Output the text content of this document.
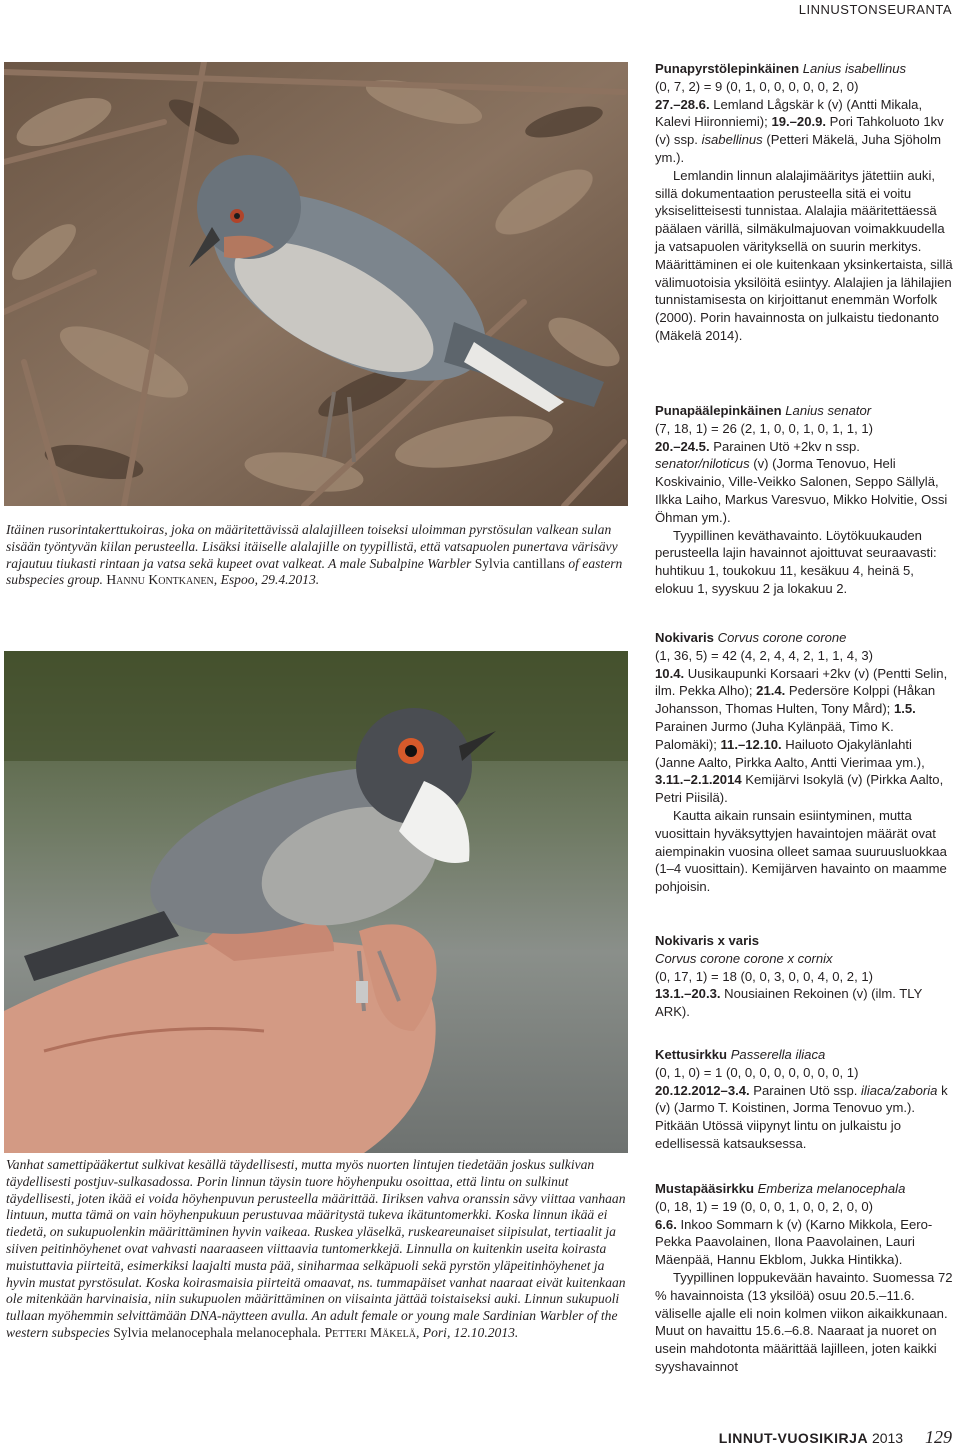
LINNUSTONSEURANTA
Itäinen rusorintakerttukoiras, joka on määritettävissä alalajilleen toiseksi uloimman pyrstösulan valkean sulan sisään työntyvän kiilan perusteella. Lisäksi itäiselle alalajille on tyypillistä, että vatsapuolen punertava värisävy rajautuu tiukasti rintaan ja vatsa sekä kupeet ovat valkeat. A male Subalpine Warbler Sylvia cantillans of eastern subspecies group. Hannu Kontkanen, Espoo, 29.4.2013.
Vanhat samettipääkertut sulkivat kesällä täydellisesti, mutta myös nuorten lintujen tiedetään joskus sulkivan täydellisesti postjuv-sulkasadossa. Porin linnun täysin tuore höyhenpuku osoittaa, että lintu on sulkinut täydellisesti, joten ikää ei voida höyhenpuvun perusteella määrittää. Iiriksen vahva oranssin sävy viittaa vanhaan lintuun, mutta tämä on vain höyhenpukuun perustuvaa määritystä tukeva ikätuntomerkki. Koska linnun ikää ei tiedetä, on sukupuolenkin määrittäminen hyvin vaikeaa. Ruskea yläselkä, ruskeareunaiset siipisulat, tertiaalit ja siiven peitinhöyhenet ovat vahvasti naaraaseen viittaavia tuntomerkkejä. Linnulla on kuitenkin useita koirasta muistuttavia piirteitä, esimerkiksi laajalti musta pää, siniharmaa selkäpuoli sekä pyrstön yläpeitinhöyhenet ja hyvin mustat pyrstösulat. Koska koirasmaisia piirteitä omaavat, ns. tummapäiset vanhat naaraat eivät kuitenkaan ole mitenkään harvinaisia, niin sukupuolen määrittäminen on viisainta jättää toistaiseksi auki. Linnun sukupuoli tullaan myöhemmin selvittämään DNA-näytteen avulla. An adult female or young male Sardinian Warbler of the western subspecies Sylvia melanocephala melanocephala. Petteri Mäkelä, Pori, 12.10.2013.

Punapyrstölepinkäinen Lanius isabellinus

(0, 7, 2) = 9 (0, 1, 0, 0, 0, 0, 0, 2, 0)

27.–28.6. Lemland Lågskär k (v) (Antti Mikala, Kalevi Hiironniemi); 19.–20.9. Pori Tahkoluoto 1kv (v) ssp. isabellinus (Petteri Mäkelä, Juha Sjöholm ym.).

Lemlandin linnun alalajimääritys jätettiin auki, sillä dokumentaation perusteella sitä ei voitu yksiselitteisesti tunnistaa. Alalajia määritettäessä päälaen värillä, silmäkulmajuovan voimakkuudella ja vatsapuolen värityksellä on suurin merkitys. Määrittäminen ei ole kuitenkaan yksinkertaista, sillä välimuotoisia yksilöitä esiintyy. Alalajien ja lähilajien tunnistamisesta on kirjoittanut enemmän Worfolk (2000). Porin havainnosta on julkaistu tiedonanto (Mäkelä 2014).

Punapäälepinkäinen Lanius senator

(7, 18, 1) = 26 (2, 1, 0, 0, 1, 0, 1, 1, 1)

20.–24.5. Parainen Utö +2kv n ssp. senator/niloticus (v) (Jorma Tenovuo, Heli Koskivainio, Ville-Veikko Salonen, Seppo Sällylä, Ilkka Laiho, Markus Varesvuo, Mikko Holvitie, Ossi Öhman ym.).

Tyypillinen keväthavainto. Löytökuukauden perusteella lajin havainnot ajoittuvat seuraavasti: huhtikuu 1, toukokuu 11, kesäkuu 4, heinä 5, elokuu 1, syyskuu 2 ja lokakuu 2.

Nokivaris Corvus corone corone

(1, 36, 5) = 42 (4, 2, 4, 4, 2, 1, 1, 4, 3)

10.4. Uusikaupunki Korsaari +2kv (v) (Pentti Selin, ilm. Pekka Alho); 21.4. Pedersöre Kolppi (Håkan Johansson, Thomas Hulten, Tony Mård); 1.5. Parainen Jurmo (Juha Kylänpää, Timo K. Palomäki); 11.–12.10. Hailuoto Ojakylänlahti (Janne Aalto, Pirkka Aalto, Antti Vierimaa ym.), 3.11.–2.1.2014 Kemijärvi Isokylä (v) (Pirkka Aalto, Petri Piisilä).

Kautta aikain runsain esiintyminen, mutta vuosittain hyväksyttyjen havaintojen määrät ovat aiempinakin vuosina olleet samaa suuruusluokkaa (1–4 vuosittain). Kemijärven havainto on maamme pohjoisin.

Nokivaris x varis

Corvus corone corone x cornix

(0, 17, 1) = 18 (0, 0, 3, 0, 0, 4, 0, 2, 1)

13.1.–20.3. Nousiainen Rekoinen (v) (ilm. TLY ARK).

Kettusirkku Passerella iliaca

(0, 1, 0) = 1 (0, 0, 0, 0, 0, 0, 0, 0, 1)

20.12.2012–3.4. Parainen Utö ssp. iliaca/zaboria k (v) (Jarmo T. Koistinen, Jorma Tenovuo ym.). Pitkään Utössä viipynyt lintu on julkaistu jo edellisessä katsauksessa.

Mustapääsirkku Emberiza melanocephala

(0, 18, 1) = 19 (0, 0, 0, 1, 0, 0, 2, 0, 0)

6.6. Inkoo Sommarn k (v) (Karno Mikkola, Eero-Pekka Paavolainen, Ilona Paavolainen, Lauri Mäenpää, Hannu Ekblom, Jukka Hintikka).

Tyypillinen loppukevään havainto. Suomessa 72 % havainnoista (13 yksilöä) osuu 20.5.–11.6. väliselle ajalle eli noin kolmen viikon aikaikkunaan. Muut on havaittu 15.6.–6.8. Naaraat ja nuoret on usein mahdotonta määrittää lajilleen, joten kaikki syyshavainnot

LINNUT-VUOSIKIRJA 2013 129
